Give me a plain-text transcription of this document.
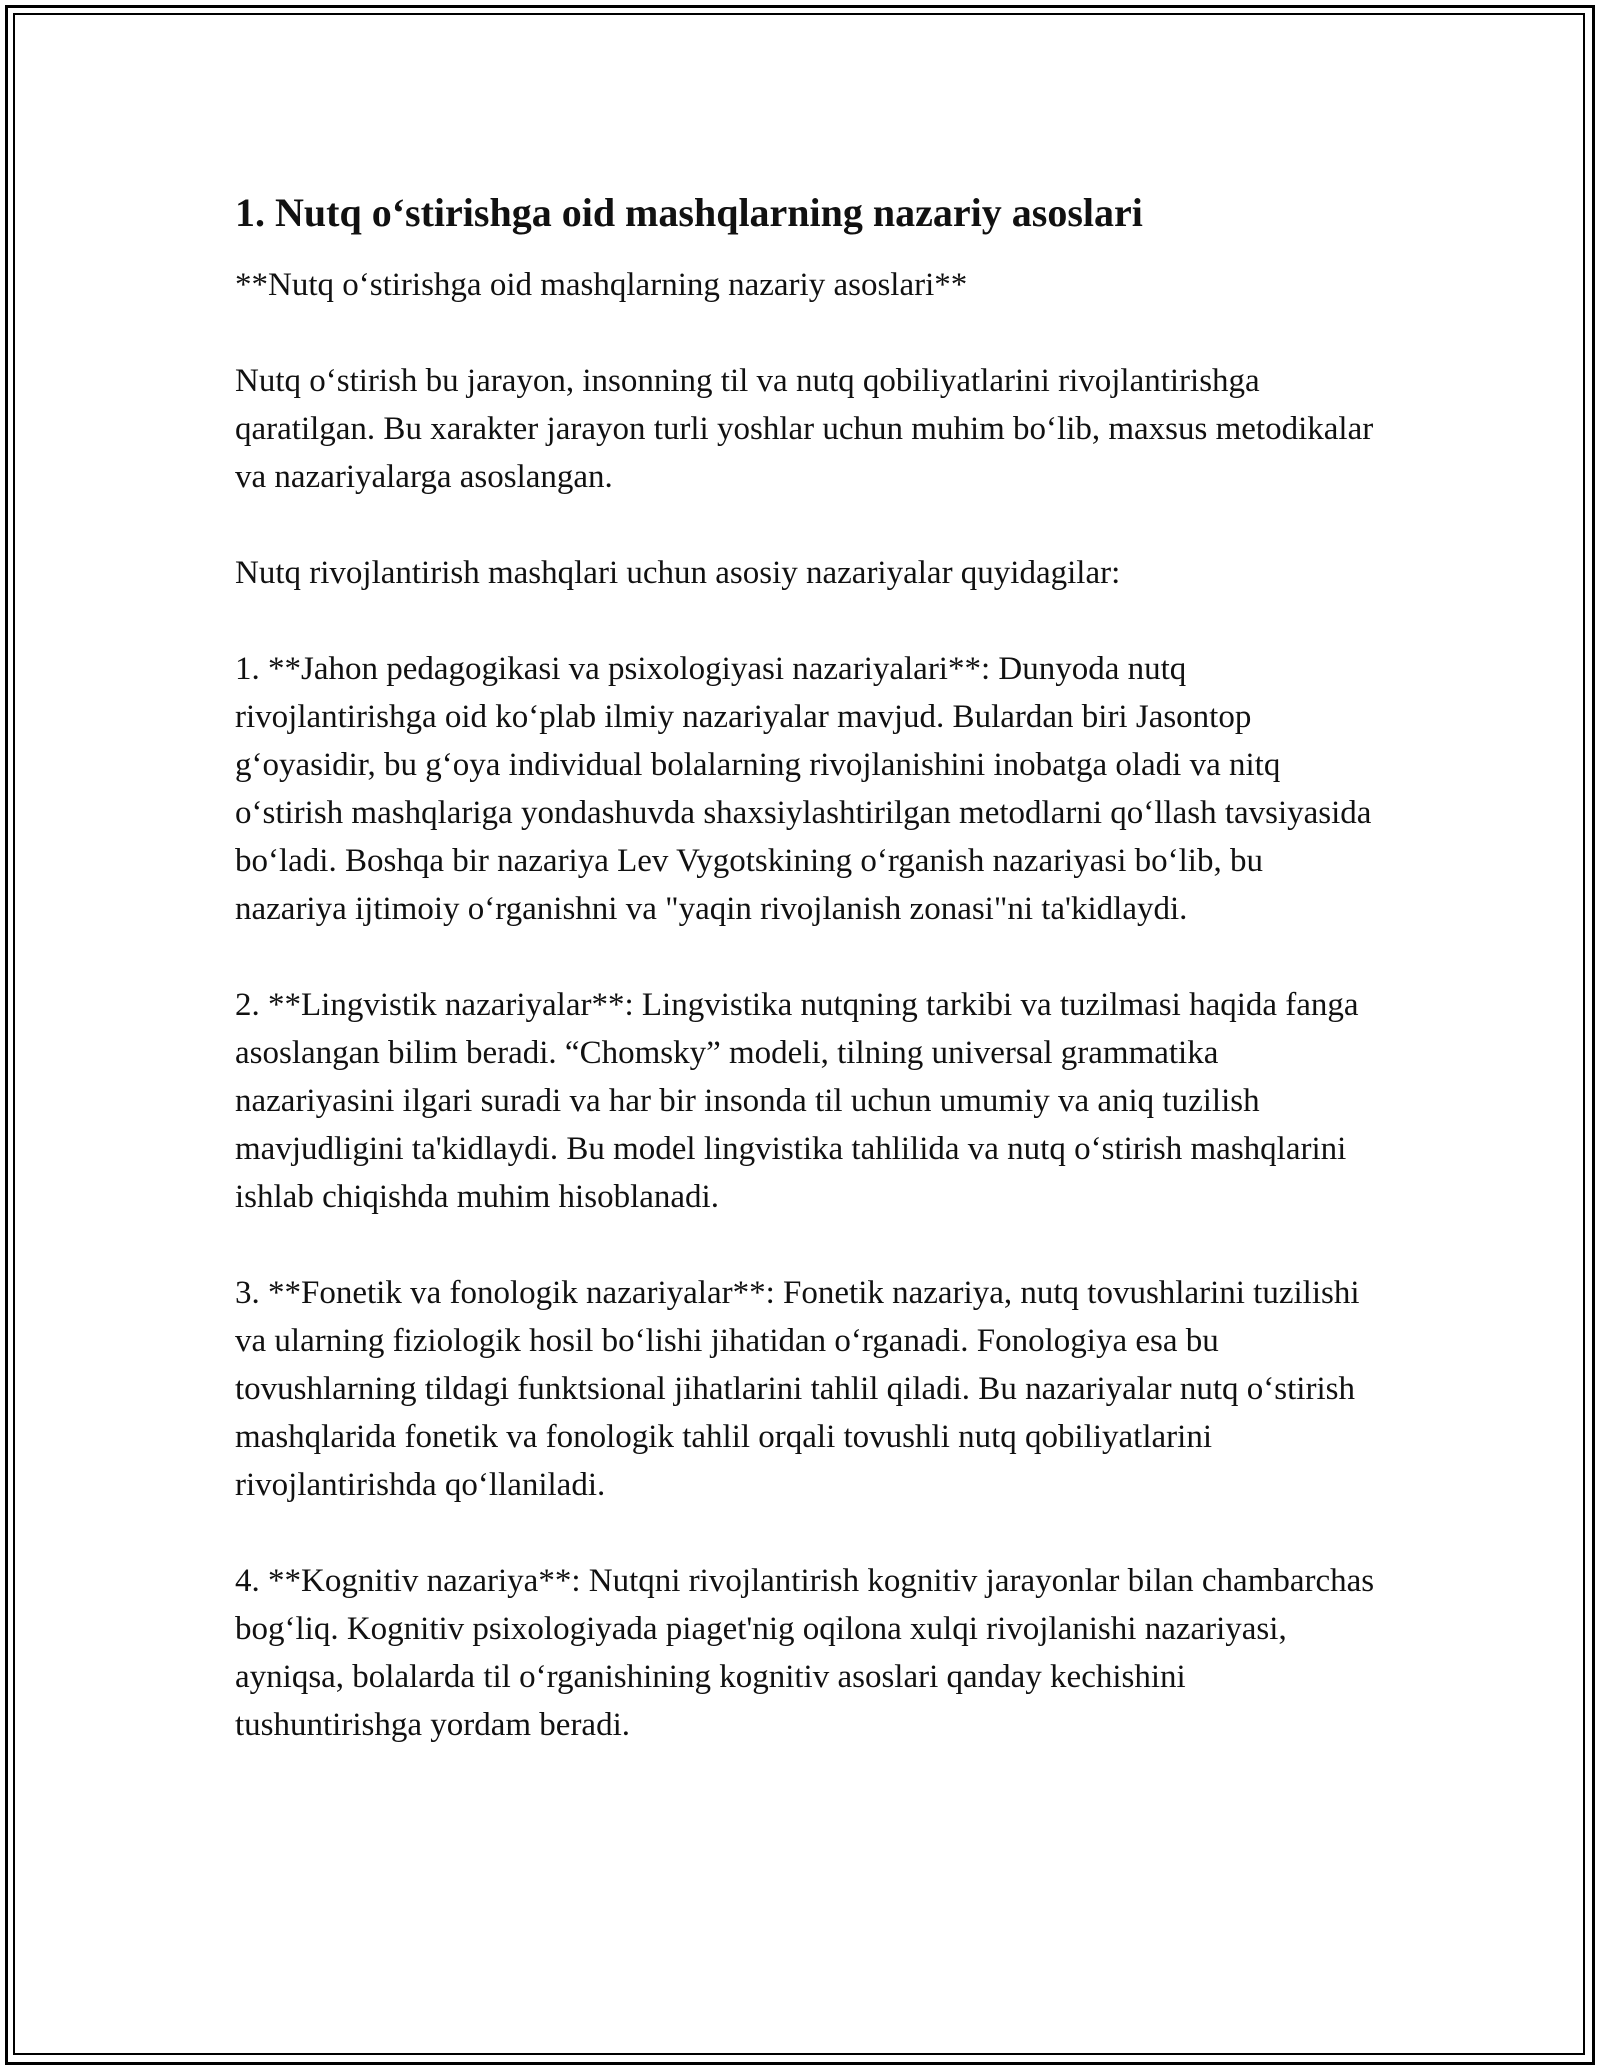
1. Nutq o‘stirishga oid mashqlarning nazariy asoslari

**Nutq o‘stirishga oid mashqlarning nazariy asoslari**

Nutq o‘stirish bu jarayon, insonning til va nutq qobiliyatlarini rivojlantirishga qaratilgan. Bu xarakter jarayon turli yoshlar uchun muhim bo‘lib, maxsus metodikalar va nazariyalarga asoslangan.

Nutq rivojlantirish mashqlari uchun asosiy nazariyalar quyidagilar:

1. **Jahon pedagogikasi va psixologiyasi nazariyalari**: Dunyoda nutq rivojlantirishga oid ko‘plab ilmiy nazariyalar mavjud. Bulardan biri Jasontop g‘oyasidir, bu g‘oya individual bolalarning rivojlanishini inobatga oladi va nitq o‘stirish mashqlariga yondashuvda shaxsiylashtirilgan metodlarni qo‘llash tavsiyasida bo‘ladi. Boshqa bir nazariya Lev Vygotskining o‘rganish nazariyasi bo‘lib, bu nazariya ijtimoiy o‘rganishni va "yaqin rivojlanish zonasi"ni ta'kidlaydi.

2. **Lingvistik nazariyalar**: Lingvistika nutqning tarkibi va tuzilmasi haqida fanga asoslangan bilim beradi. “Chomsky” modeli, tilning universal grammatika nazariyasini ilgari suradi va har bir insonda til uchun umumiy va aniq tuzilish mavjudligini ta'kidlaydi. Bu model lingvistika tahlilida va nutq o‘stirish mashqlarini ishlab chiqishda muhim hisoblanadi.

3. **Fonetik va fonologik nazariyalar**: Fonetik nazariya, nutq tovushlarini tuzilishi va ularning fiziologik hosil bo‘lishi jihatidan o‘rganadi. Fonologiya esa bu tovushlarning tildagi funktsional jihatlarini tahlil qiladi. Bu nazariyalar nutq o‘stirish mashqlarida fonetik va fonologik tahlil orqali tovushli nutq qobiliyatlarini rivojlantirishda qo‘llaniladi.

4. **Kognitiv nazariya**: Nutqni rivojlantirish kognitiv jarayonlar bilan chambarchas bog‘liq. Kognitiv psixologiyada piaget'nig oqilona xulqi rivojlanishi nazariyasi, ayniqsa, bolalarda til o‘rganishining kognitiv asoslari qanday kechishini tushuntirishga yordam beradi.
